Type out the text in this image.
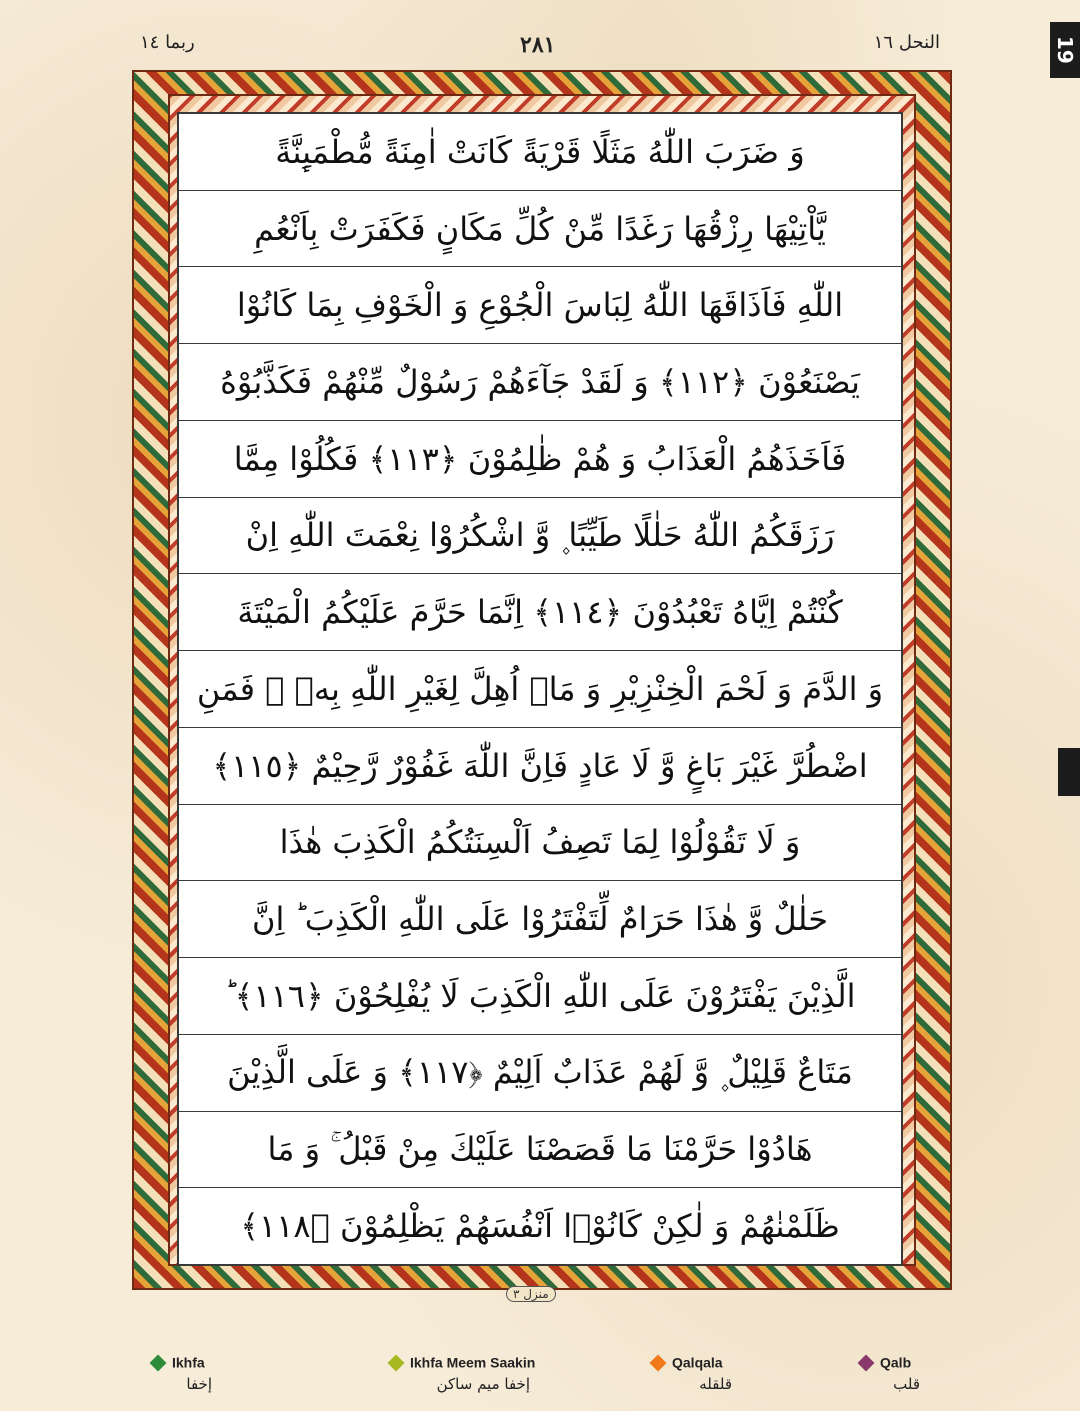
النحل ١٦
٢٨١
ربما ١٤	19
وَ ضَرَبَ اللّٰهُ مَثَلًا قَرْيَةً كَانَتْ اٰمِنَةً مُّطْمَىِٕنَّةً
يَّاْتِيْهَا رِزْقُهَا رَغَدًا مِّنْ كُلِّ مَكَانٍ فَكَفَرَتْ بِاَنْعُمِ
اللّٰهِ فَاَذَاقَهَا اللّٰهُ لِبَاسَ الْجُوْعِ وَ الْخَوْفِ بِمَا كَانُوْا
يَصْنَعُوْنَ ﴿١١٢﴾ وَ لَقَدْ جَآءَهُمْ رَسُوْلٌ مِّنْهُمْ فَكَذَّبُوْهُ
فَاَخَذَهُمُ الْعَذَابُ وَ هُمْ ظٰلِمُوْنَ ﴿١١٣﴾ فَكُلُوْا مِمَّا
رَزَقَكُمُ اللّٰهُ حَلٰلًا طَيِّبًا ۪ وَّ اشْكُرُوْا نِعْمَتَ اللّٰهِ اِنْ
كُنْتُمْ اِيَّاهُ تَعْبُدُوْنَ ﴿١١٤﴾ اِنَّمَا حَرَّمَ عَلَيْكُمُ الْمَيْتَةَ
وَ الدَّمَ وَ لَحْمَ الْخِنْزِيْرِ وَ مَاۤ اُهِلَّ لِغَيْرِ اللّٰهِ بِهٖ ۚ فَمَنِ
اضْطُرَّ غَيْرَ بَاغٍ وَّ لَا عَادٍ فَاِنَّ اللّٰهَ غَفُوْرٌ رَّحِيْمٌ ﴿١١٥﴾
وَ لَا تَقُوْلُوْا لِمَا تَصِفُ اَلْسِنَتُكُمُ الْكَذِبَ هٰذَا
حَلٰلٌ وَّ هٰذَا حَرَامٌ لِّتَفْتَرُوْا عَلَى اللّٰهِ الْكَذِبَ ؕ اِنَّ
الَّذِيْنَ يَفْتَرُوْنَ عَلَى اللّٰهِ الْكَذِبَ لَا يُفْلِحُوْنَ ﴿١١٦﴾ ؕ
مَتَاعٌ قَلِيْلٌ ۪ وَّ لَهُمْ عَذَابٌ اَلِيْمٌ ﴿١١٧﴾ وَ عَلَى الَّذِيْنَ
هَادُوْا حَرَّمْنَا مَا قَصَصْنَا عَلَيْكَ مِنْ قَبْلُ ۚ وَ مَا
ظَلَمْنٰهُمْ وَ لٰكِنْ كَانُوْۤا اَنْفُسَهُمْ يَظْلِمُوْنَ ﴿١١٨﴾
منزل ٣
Ikhfa
إخفا
Ikhfa Meem Saakin
إخفا ميم ساكن
Qalqala
قلقله
Qalb
قلب
